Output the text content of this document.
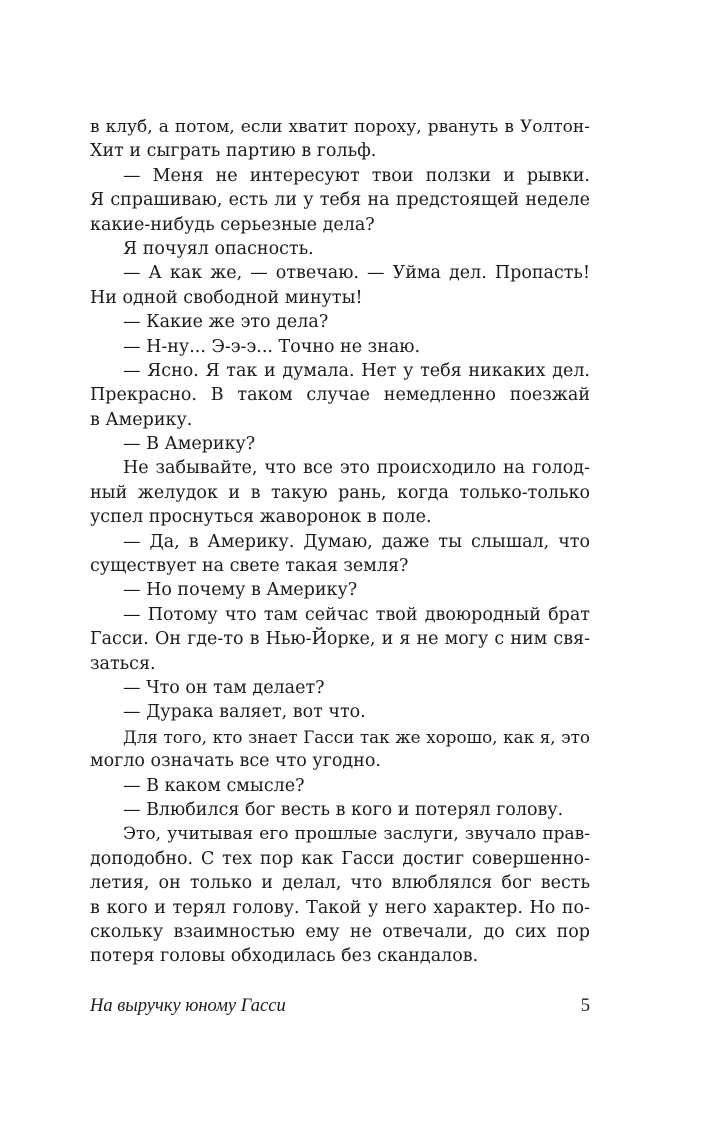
в клуб, а потом, если хватит пороху, рвануть в Уолтон-
Хит и сыграть партию в гольф.
— Меня не интересуют твои ползки и рывки.
Я спрашиваю, есть ли у тебя на предстоящей неделе
какие-нибудь серьезные дела?
Я почуял опасность.
— А как же, — отвечаю. — Уйма дел. Пропасть!
Ни одной свободной минуты!
— Какие же это дела?
— Н-ну... Э-э-э... Точно не знаю.
— Ясно. Я так и думала. Нет у тебя никаких дел.
Прекрасно. В таком случае немедленно поезжай
в Америку.
— В Америку?
Не забывайте, что все это происходило на голод-
ный желудок и в такую рань, когда только-только
успел проснуться жаворонок в поле.
— Да, в Америку. Думаю, даже ты слышал, что
существует на свете такая земля?
— Но почему в Америку?
— Потому что там сейчас твой двоюродный брат
Гасси. Он где-то в Нью-Йорке, и я не могу с ним свя-
заться.
— Что он там делает?
— Дурака валяет, вот что.
Для того, кто знает Гасси так же хорошо, как я, это
могло означать все что угодно.
— В каком смысле?
— Влюбился бог весть в кого и потерял голову.
Это, учитывая его прошлые заслуги, звучало прав-
доподобно. С тех пор как Гасси достиг совершенно-
летия, он только и делал, что влюблялся бог весть
в кого и терял голову. Такой у него характер. Но по-
скольку взаимностью ему не отвечали, до сих пор
потеря головы обходилась без скандалов.
На выручку юному Гасси	5
